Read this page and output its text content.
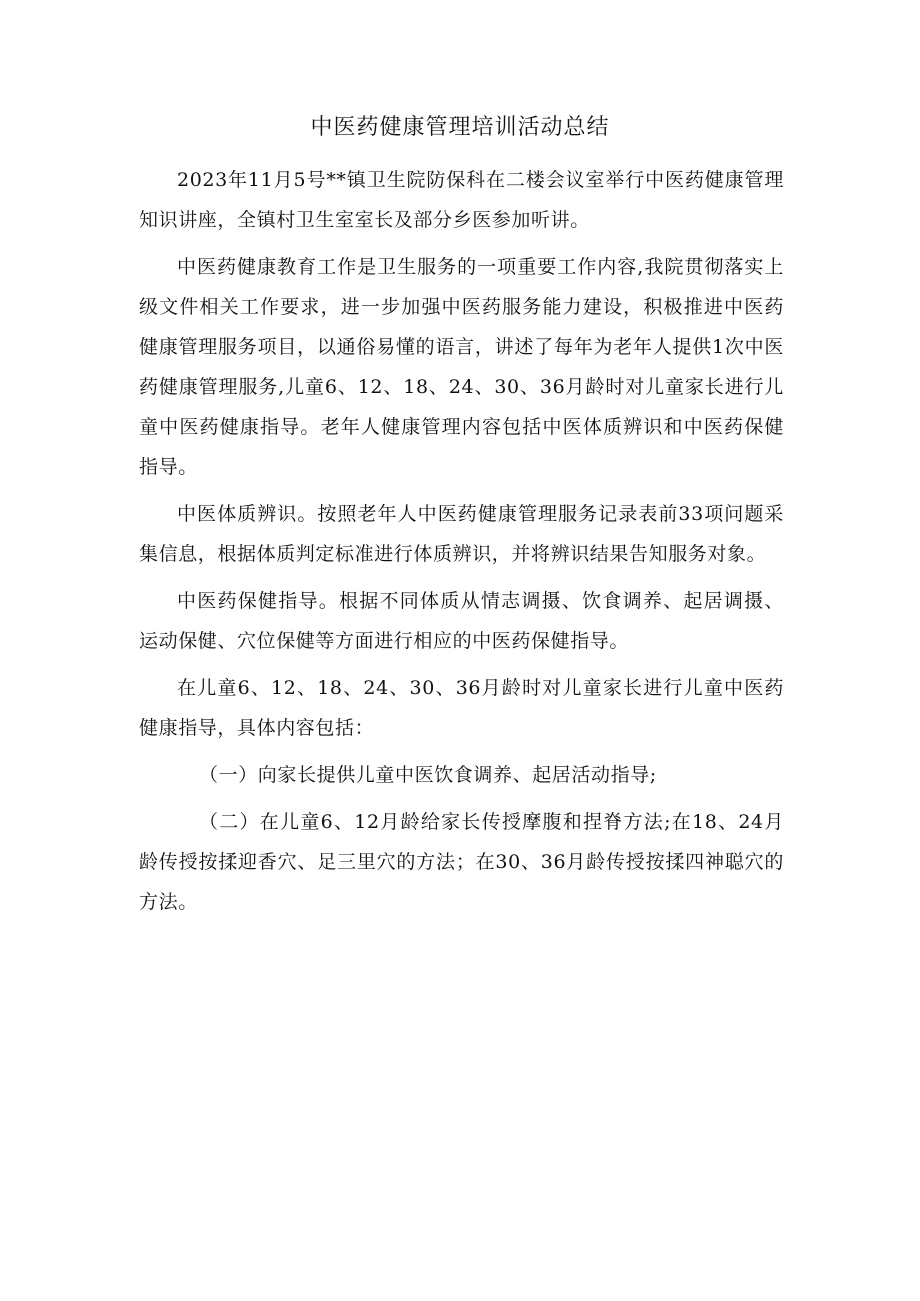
中医药健康管理培训活动总结

2023年11月5号**镇卫生院防保科在二楼会议室举行中医药健康管理知识讲座，全镇村卫生室室长及部分乡医参加听讲。

中医药健康教育工作是卫生服务的一项重要工作内容,我院贯彻落实上级文件相关工作要求，进一步加强中医药服务能力建设，积极推进中医药健康管理服务项目，以通俗易懂的语言，讲述了每年为老年人提供1次中医药健康管理服务,儿童6、12、18、24、30、36月龄时对儿童家长进行儿童中医药健康指导。老年人健康管理内容包括中医体质辨识和中医药保健指导。

中医体质辨识。按照老年人中医药健康管理服务记录表前33项问题采集信息，根据体质判定标准进行体质辨识，并将辨识结果告知服务对象。

中医药保健指导。根据不同体质从情志调摄、饮食调养、起居调摄、运动保健、穴位保健等方面进行相应的中医药保健指导。

在儿童6、12、18、24、30、36月龄时对儿童家长进行儿童中医药健康指导，具体内容包括：

（一）向家长提供儿童中医饮食调养、起居活动指导;

（二）在儿童6、12月龄给家长传授摩腹和捏脊方法;在18、24月龄传授按揉迎香穴、足三里穴的方法；在30、36月龄传授按揉四神聪穴的方法。
